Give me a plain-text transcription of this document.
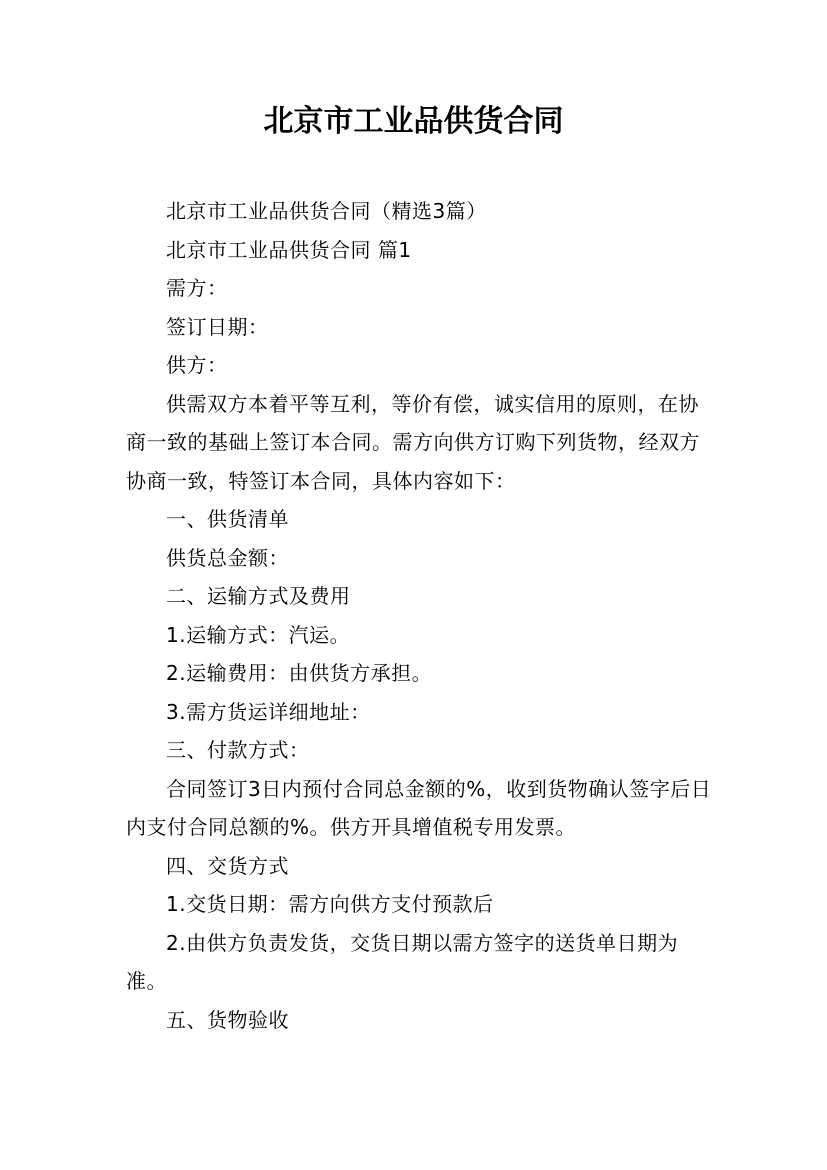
北京市工业品供货合同

北京市工业品供货合同（精选3篇）

北京市工业品供货合同 篇1

需方：

签订日期：

供方：

供需双方本着平等互利，等价有偿，诚实信用的原则，在协商一致的基础上签订本合同。需方向供方订购下列货物，经双方协商一致，特签订本合同，具体内容如下：

一、供货清单

供货总金额：

二、运输方式及费用

1.运输方式：汽运。

2.运输费用：由供货方承担。

3.需方货运详细地址：

三、付款方式：

合同签订3日内预付合同总金额的%，收到货物确认签字后日内支付合同总额的%。供方开具增值税专用发票。

四、交货方式

1.交货日期：需方向供方支付预款后

2.由供方负责发货，交货日期以需方签字的送货单日期为准。

五、货物验收
